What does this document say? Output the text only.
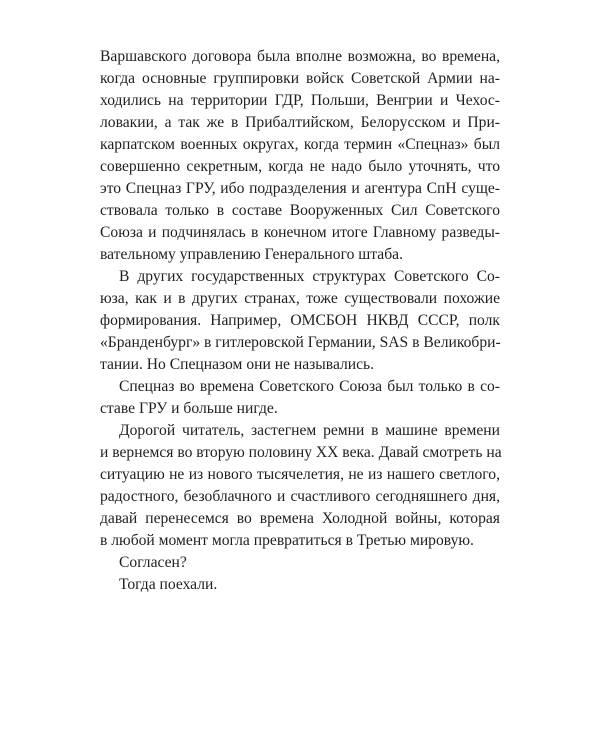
Варшавского договора была вполне возможна, во времена,
когда основные группировки войск Советской Армии на-
ходились на территории ГДР, Польши, Венгрии и Чехос-
ловакии, а так же в Прибалтийском, Белорусском и При-
карпатском военных округах, когда термин «Спецназ» был
совершенно секретным, когда не надо было уточнять, что
это Спецназ ГРУ, ибо подразделения и агентура СпН суще-
ствовала только в составе Вооруженных Сил Советского
Союза и подчинялась в конечном итоге Главному разведы-
вательному управлению Генерального штаба.
В других государственных структурах Советского Со-
юза, как и в других странах, тоже существовали похожие
формирования. Например, ОМСБОН НКВД СССР, полк
«Бранденбург» в гитлеровской Германии, SAS в Великобри-
тании. Но Спецназом они не назывались.
Спецназ во времена Советского Союза был только в со-
ставе ГРУ и больше нигде.
Дорогой читатель, застегнем ремни в машине времени
и вернемся во вторую половину XX века. Давай смотреть на
ситуацию не из нового тысячелетия, не из нашего светлого,
радостного, безоблачного и счастливого сегодняшнего дня,
давай перенесемся во времена Холодной войны, которая
в любой момент могла превратиться в Третью мировую.
Согласен?
Тогда поехали.
